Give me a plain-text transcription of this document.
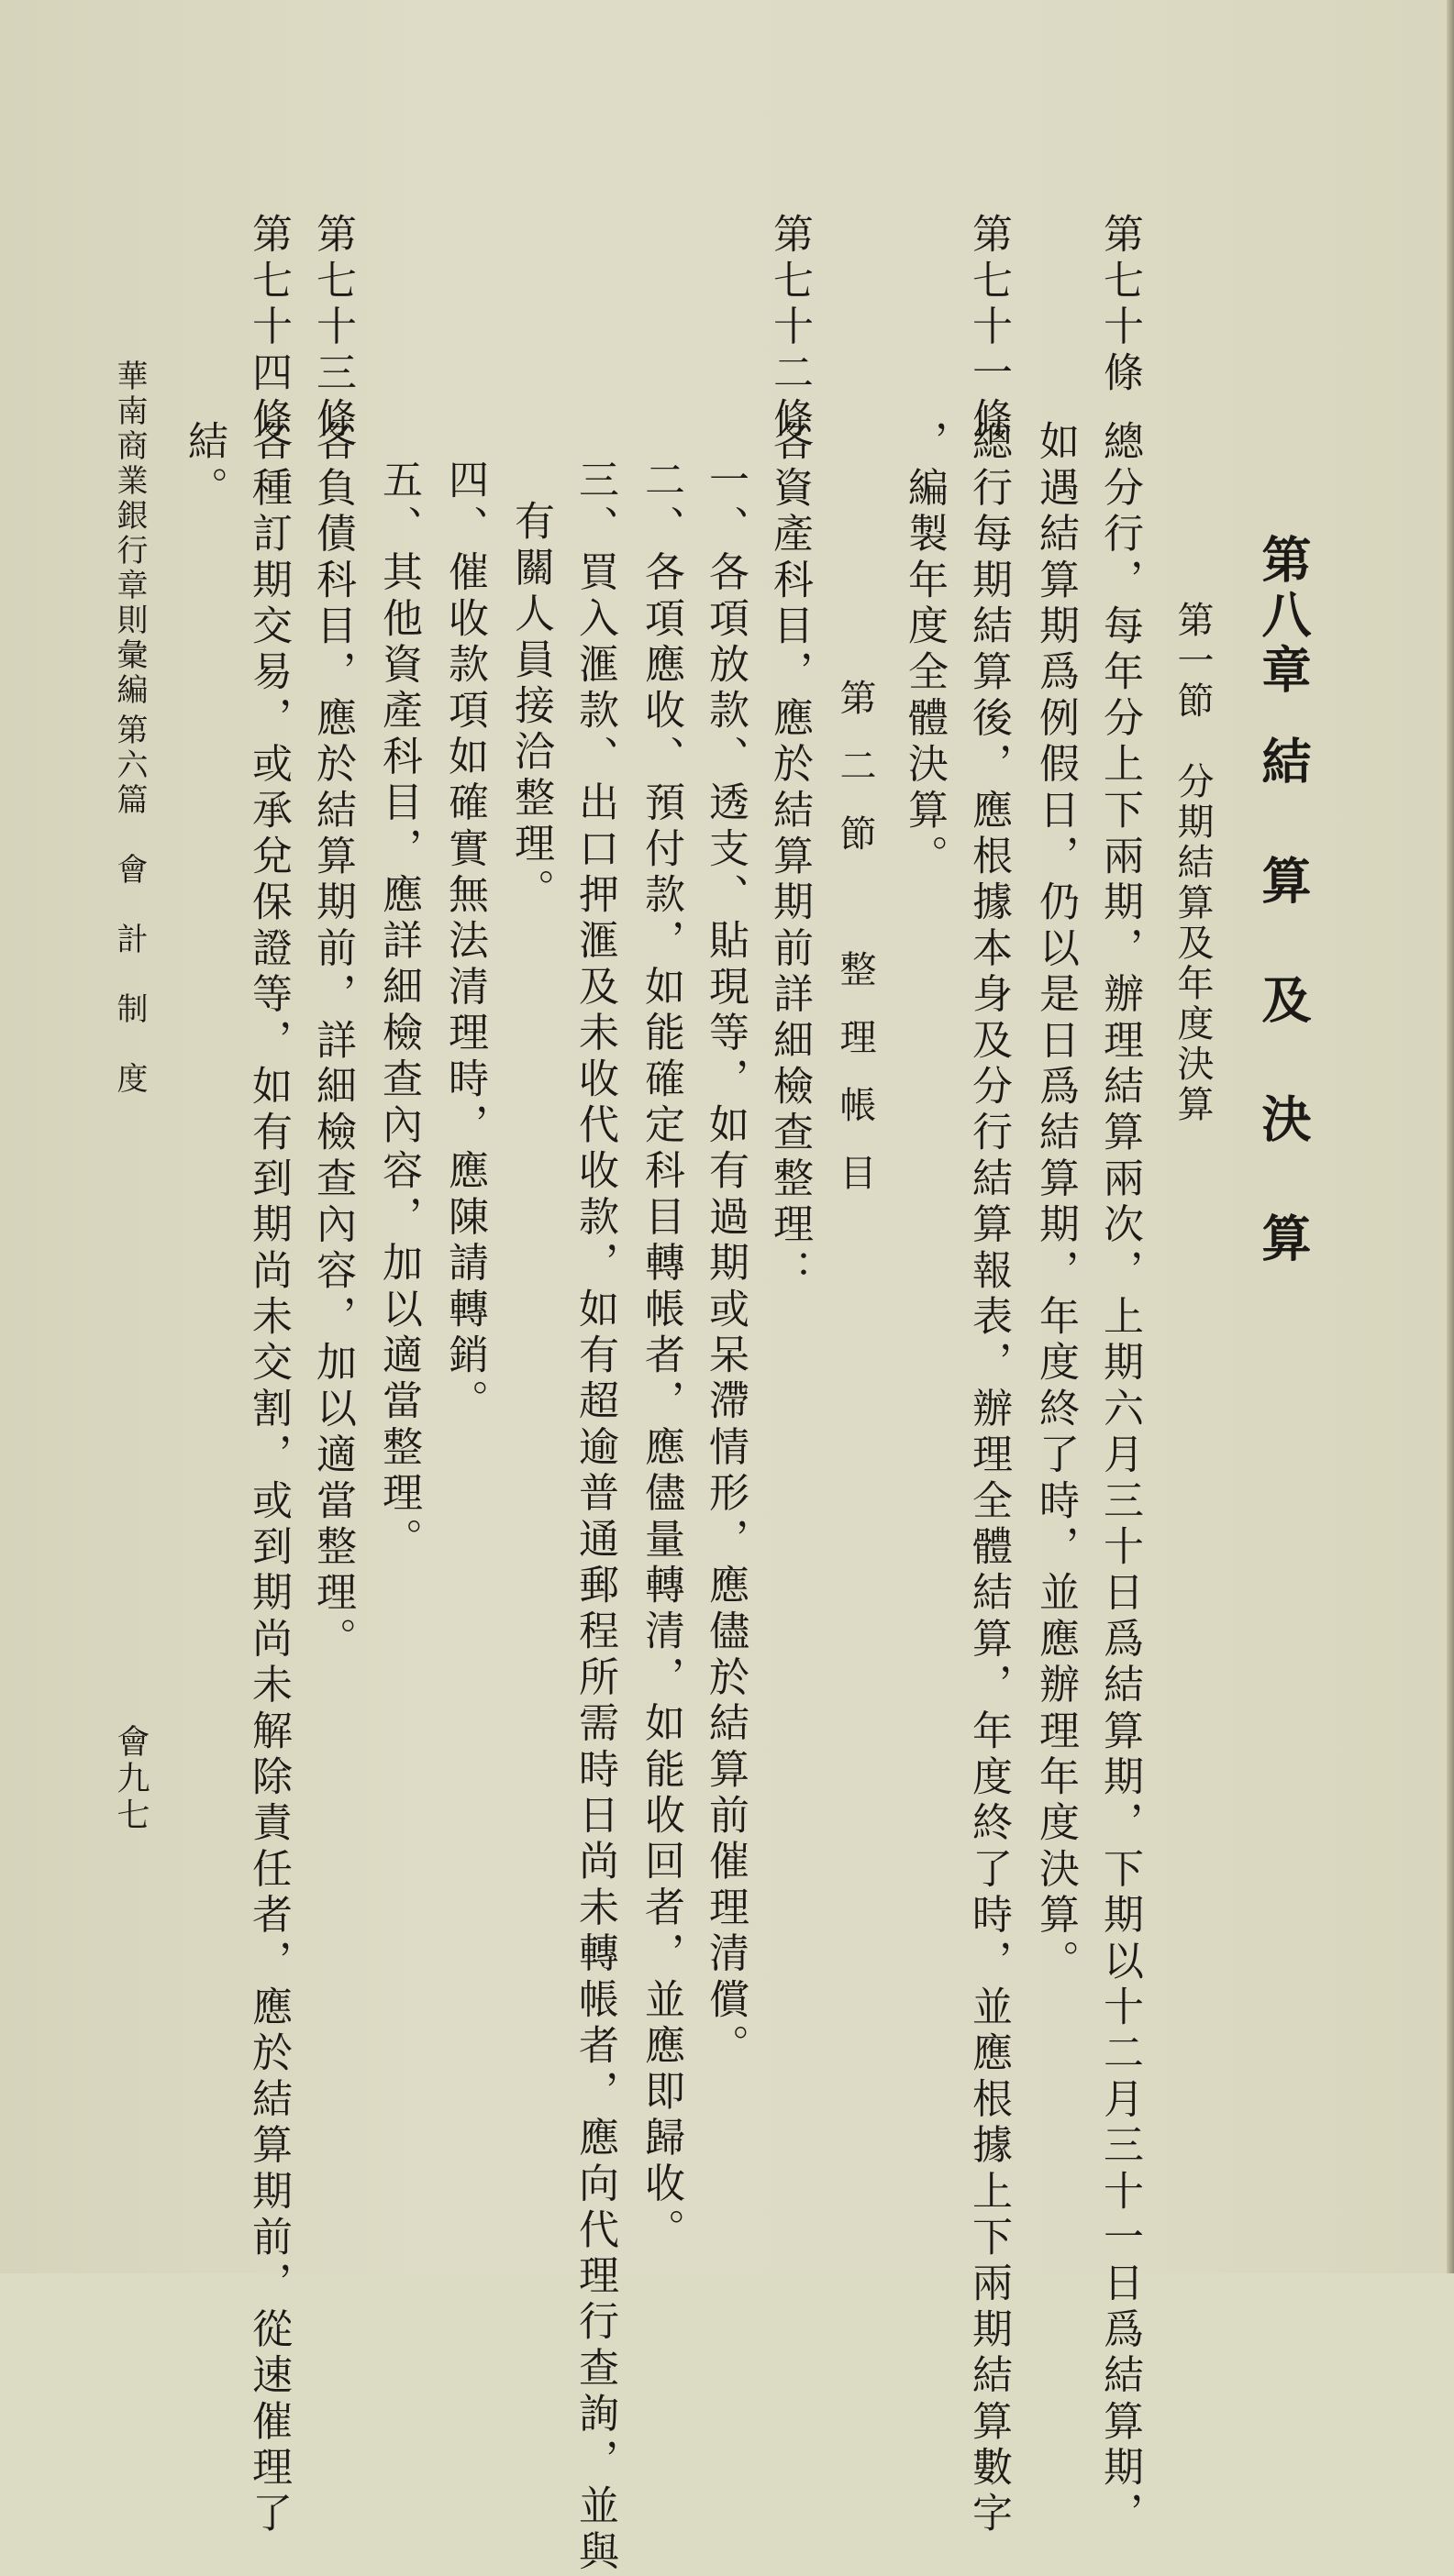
第八章結 算 及 決 算
第一節　分期結算及年度決算
第七十條
總分行，每年分上下兩期，辦理結算兩次，上期六月三十日爲結算期，下期以十二月三十一日爲結算期，
如遇結算期爲例假日，仍以是日爲結算期，年度終了時，並應辦理年度決算。
第七十一條
總行每期結算後，應根據本身及分行結算報表，辦理全體結算，年度終了時，並應根據上下兩期結算數字
，編製年度全體決算。
第二節　整理帳目
第七十二條
各資產科目，應於結算期前詳細檢查整理：
一、各項放款、透支、貼現等，如有過期或呆滯情形，應儘於結算前催理清償。
二、各項應收、預付款，如能確定科目轉帳者，應儘量轉清，如能收回者，並應即歸收。
三、買入滙款、出口押滙及未收代收款，如有超逾普通郵程所需時日尚未轉帳者，應向代理行查詢，並與
有關人員接洽整理。
四、催收款項如確實無法清理時，應陳請轉銷。
五、其他資產科目，應詳細檢查內容，加以適當整理。
第七十三條
各負債科目，應於結算期前，詳細檢查內容，加以適當整理。
第七十四條
各種訂期交易，或承兌保證等，如有到期尚未交割，或到期尚未解除責任者，應於結算期前，從速催理了
結。
華南商業銀行章則彙編
第六篇　會　計　制　度
會九七
